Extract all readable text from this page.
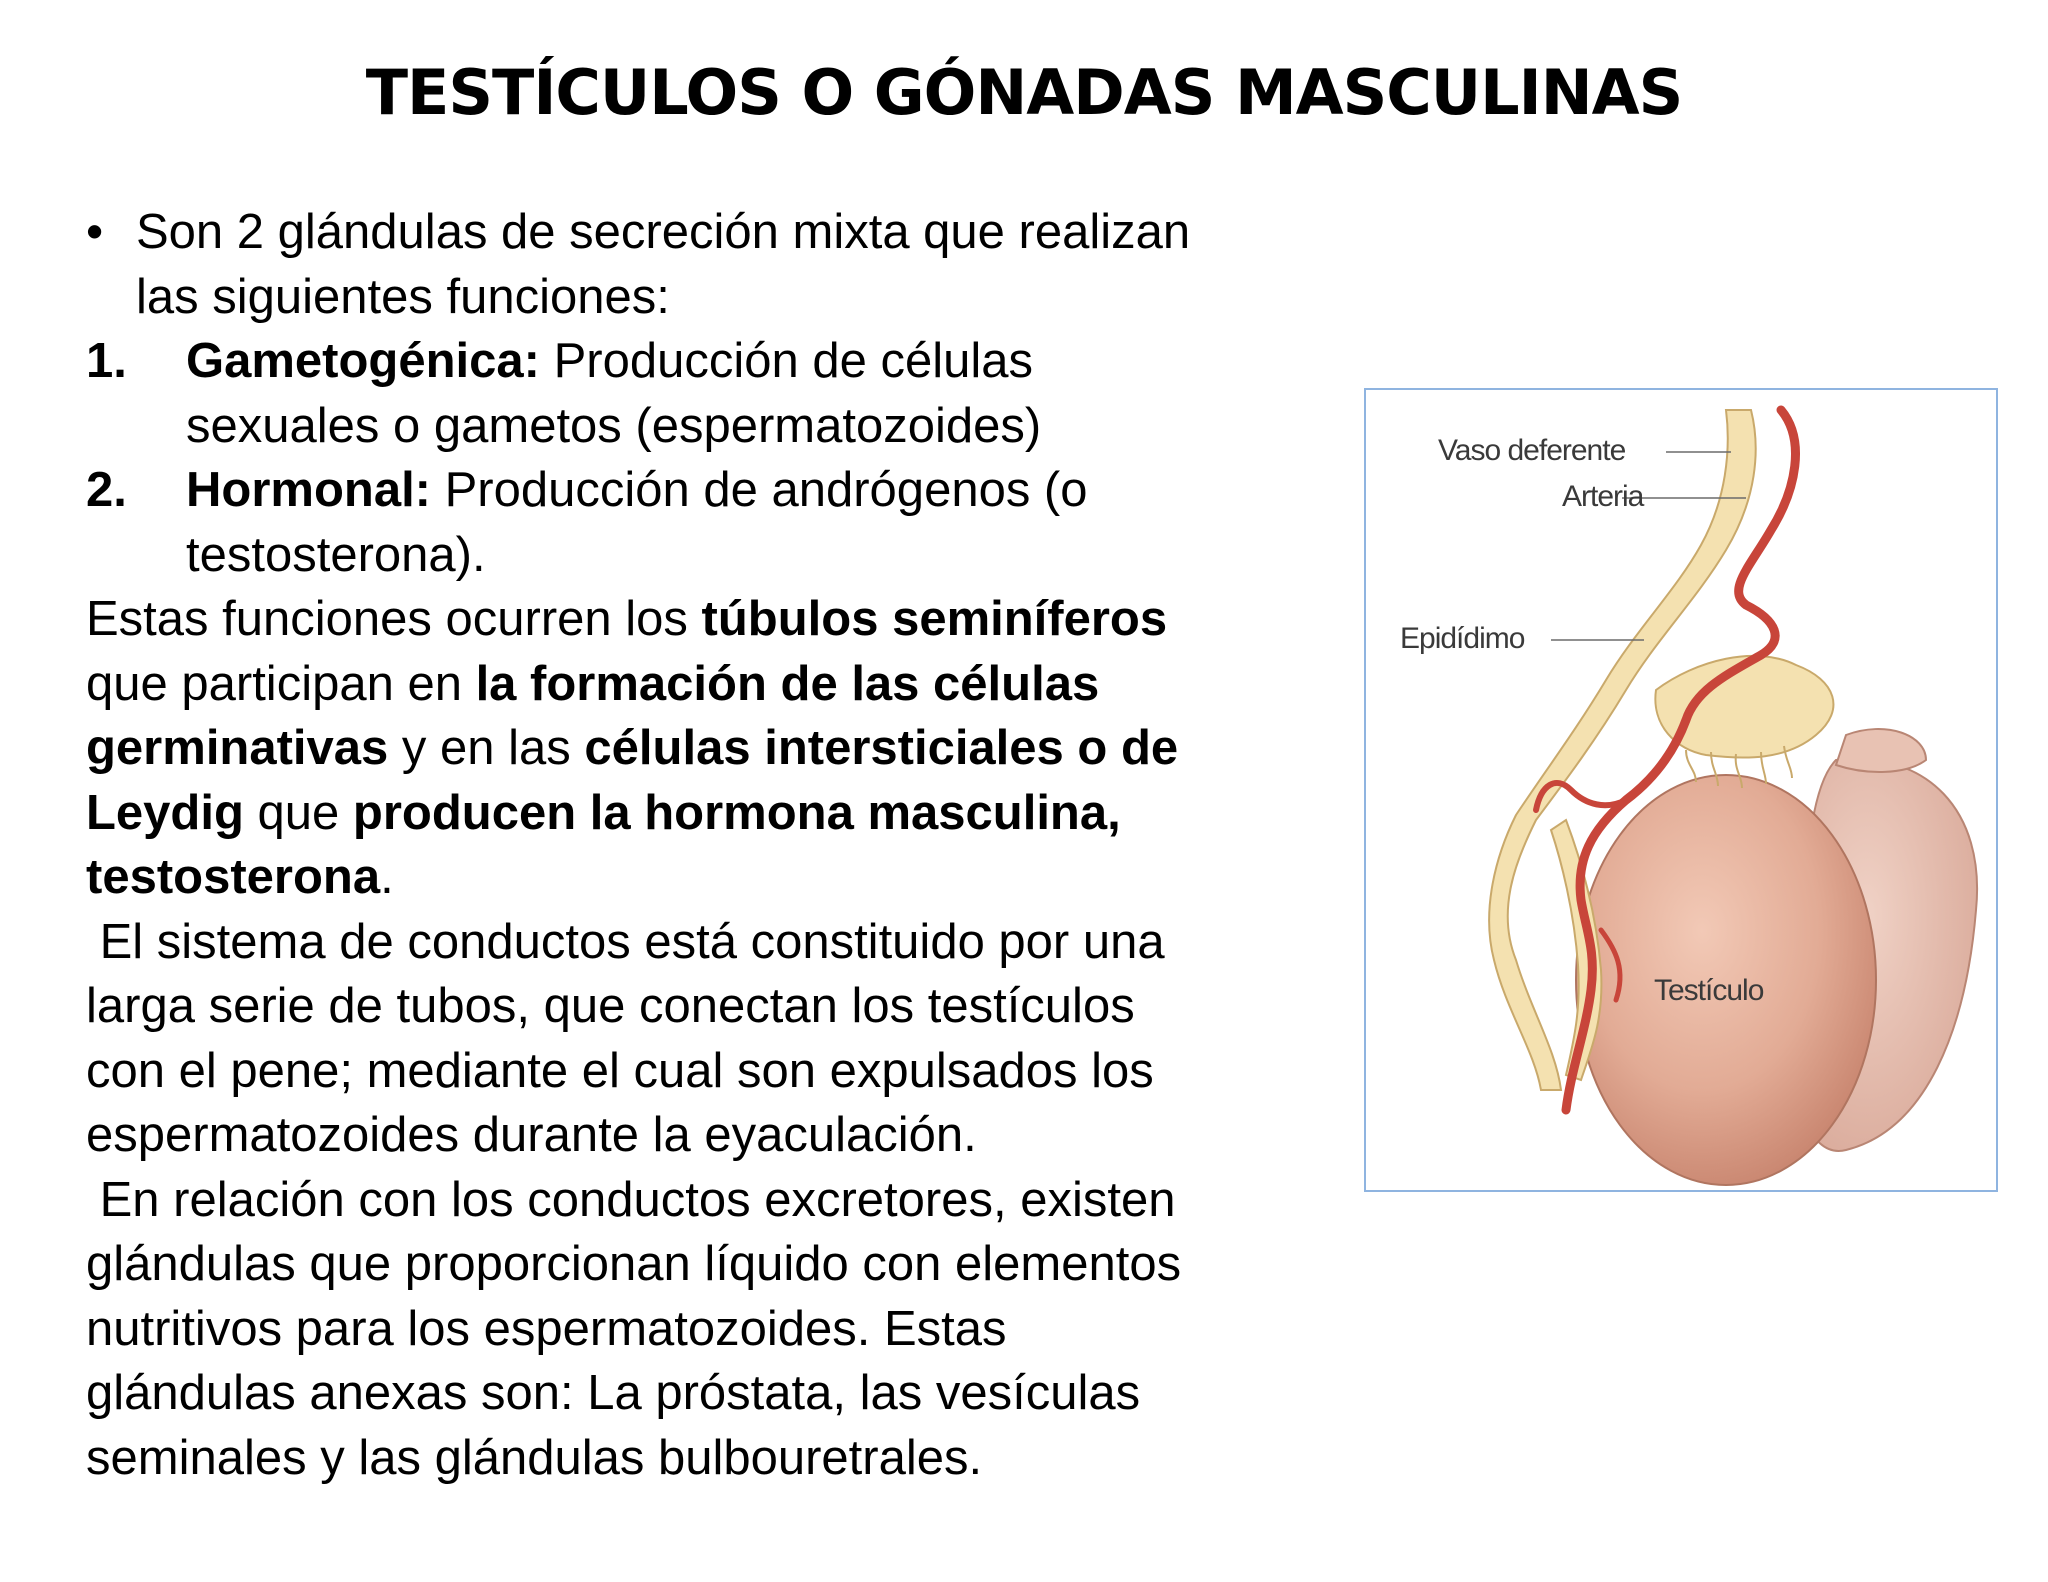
TESTÍCULOS O GÓNADAS MASCULINAS
• Son 2 glándulas de secreción mixta que realizan
las siguientes funciones:
1. Gametogénica: Producción de células
sexuales o gametos (espermatozoides)
2. Hormonal: Producción de andrógenos (o
testosterona).
Estas funciones ocurren los túbulos seminíferos
que participan en la formación de las células
germinativas y en las células intersticiales o de
Leydig que producen la hormona masculina,
testosterona.
El sistema de conductos está constituido por una
larga serie de tubos, que conectan los testículos
con el pene; mediante el cual son expulsados los
espermatozoides durante la eyaculación.
En relación con los conductos excretores, existen
glándulas que proporcionan líquido con elementos
nutritivos para los espermatozoides. Estas
glándulas anexas son: La próstata, las vesículas
seminales y las glándulas bulbouretrales.
Vaso deferente
Arteria
Epidídimo
Testículo
